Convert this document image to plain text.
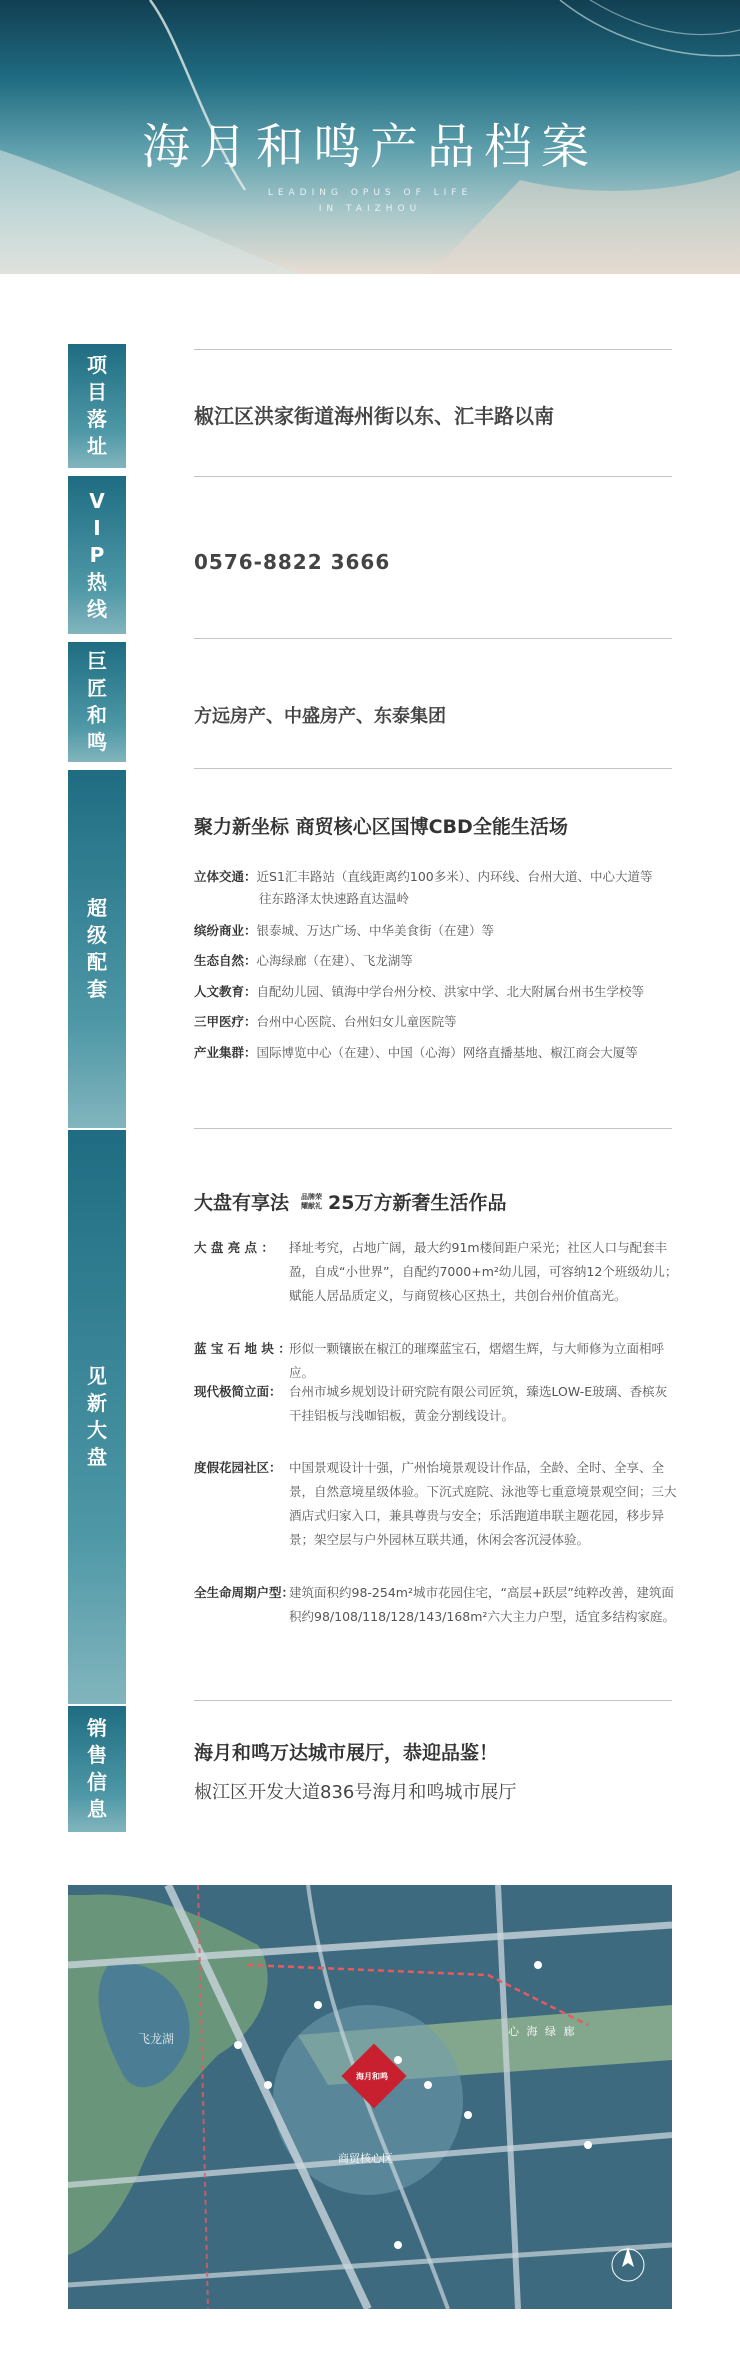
海月和鸣产品档案
LEADING OPUS OF LIFE
IN TAIZHOU
项
目
落
址
椒江区洪家街道海州街以东、汇丰路以南
V
I
P
热
线
0576-8822 3666
巨
匠
和
鸣
方远房产、中盛房产、东泰集团
超
级
配
套
聚力新坐标 商贸核心区国博CBD全能生活场
立体交通：近S1汇丰路站（直线距离约100多米）、内环线、台州大道、中心大道等
往东路泽太快速路直达温岭
缤纷商业：银泰城、万达广场、中华美食街（在建）等
生态自然：心海绿廊（在建）、飞龙湖等
人文教育：自配幼儿园、镇海中学台州分校、洪家中学、北大附属台州书生学校等
三甲医疗：台州中心医院、台州妇女儿童医院等
产业集群：国际博览中心（在建）、中国（心海）网络直播基地、椒江商会大厦等
见
新
大
盘
大盘有享法 品牌荣
耀献礼 25万方新奢生活作品
大 盘 亮 点 ：	择址考究，占地广阔，最大约91m楼间距户采光；社区人口与配套丰盈，自成“小世界”，自配约7000+m²幼儿园，可容纳12个班级幼儿；赋能人居品质定义，与商贸核心区热土，共创台州价值高光。
蓝 宝 石 地 块 ：
形似一颗镶嵌在椒江的璀璨蓝宝石，熠熠生辉，与大师修为立面相呼应。
现代极简立面： 台州市城乡规划设计研究院有限公司匠筑，臻选LOW-E玻璃、香槟灰干挂铝板与浅咖铝板，黄金分割线设计。
度假花园社区： 中国景观设计十强，广州怡境景观设计作品，全龄、全时、全享、全景，自然意境星级体验。下沉式庭院、泳池等七重意境景观空间；三大酒店式归家入口，兼具尊贵与安全；乐活跑道串联主题花园，移步异景；架空层与户外园林互联共通，休闲会客沉浸体验。
全生命周期户型：
建筑面积约98-254m²城市花园住宅，“高层+跃层”纯粹改善，建筑面积约98/108/118/128/143/168m²六大主力户型，适宜多结构家庭。
销
售
信
息
海月和鸣万达城市展厅，恭迎品鉴！
椒江区开发大道836号海月和鸣城市展厅
飞龙湖
心 海 绿 廊
商贸核心区
海月和鸣
搜狐号@搜狐焦点温州站
